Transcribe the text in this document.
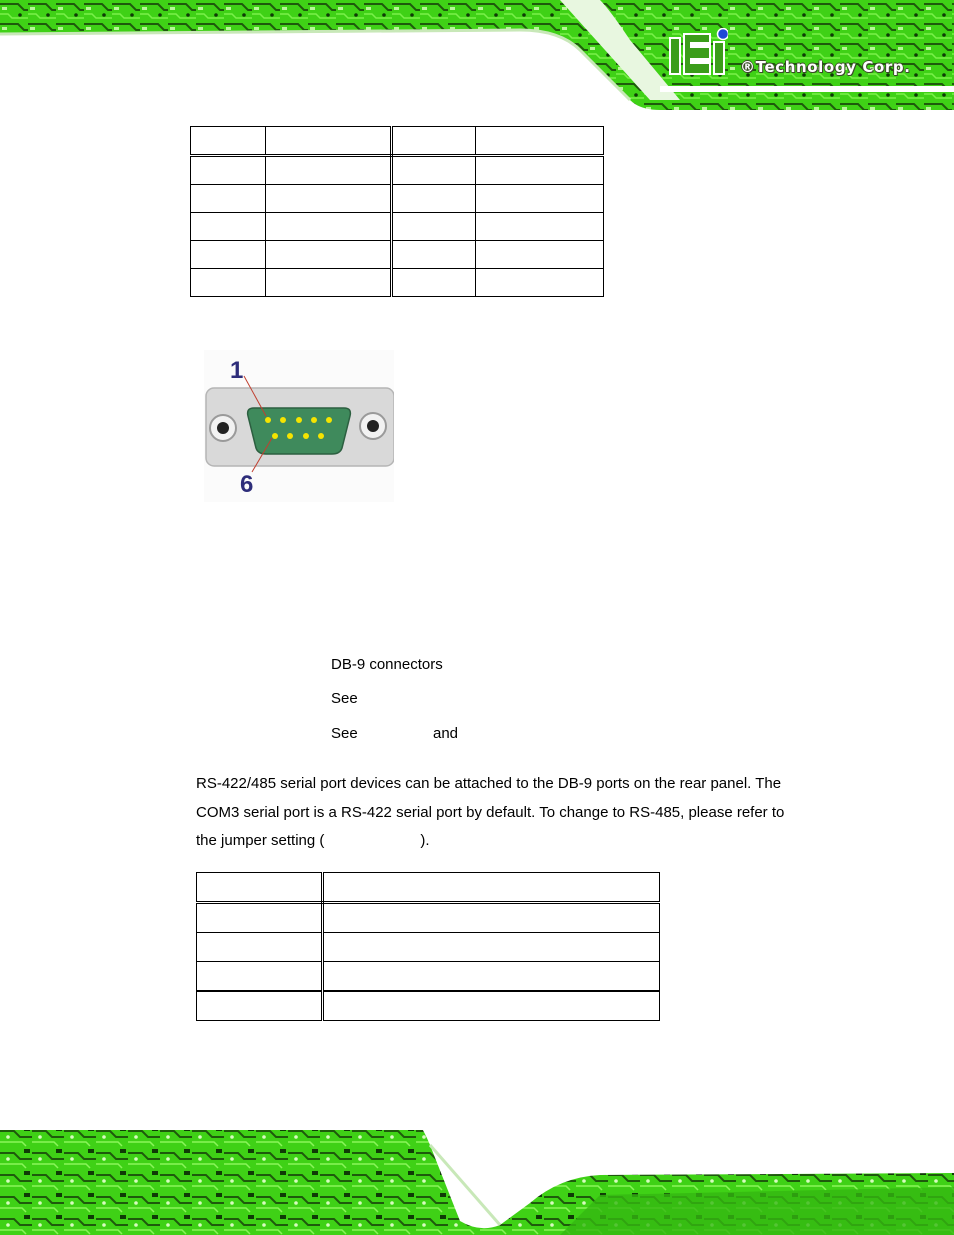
®Technology Corp.

1
6
DB-9 connectors
See
See	and
RS-422/485 serial port devices can be attached to the DB-9 ports on the rear panel. The
COM3 serial port is a RS-422 serial port by default. To change to RS-485, please refer to
the jumper setting (	).
